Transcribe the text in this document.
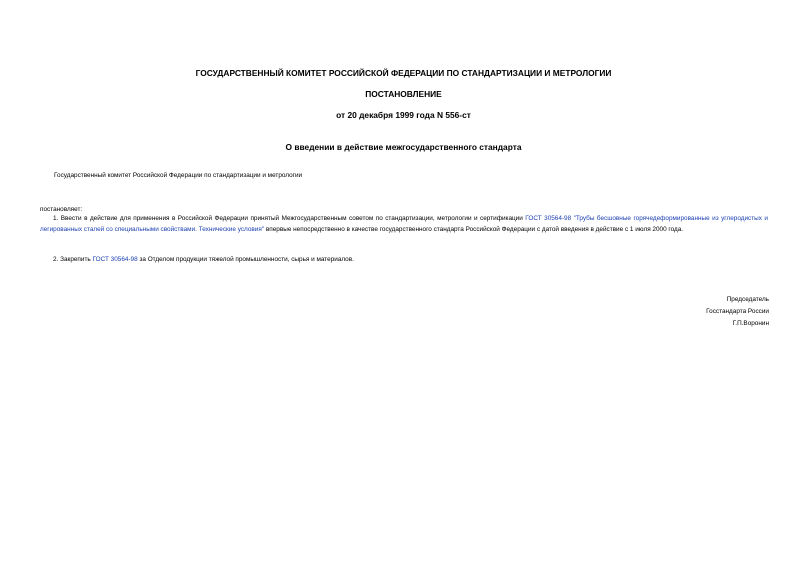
ГОСУДАРСТВЕННЫЙ КОМИТЕТ РОССИЙСКОЙ ФЕДЕРАЦИИ ПО СТАНДАРТИЗАЦИИ И МЕТРОЛОГИИ
ПОСТАНОВЛЕНИЕ
от 20 декабря 1999 года N 556-ст
О введении в действие межгосударственного стандарта
Государственный комитет Российской Федерации по стандартизации и метрологии
постановляет:
1. Ввести в действие для применения в Российской Федерации принятый Межгосударственным советом по стандартизации, метрологии и сертификации ГОСТ 30564-98 "Трубы бесшовные горячедеформированные из углеродистых и легированных сталей со специальными свойствами. Технические условия" впервые непосредственно в качестве государственного стандарта Российской Федерации с датой введения в действие с 1 июля 2000 года.
2. Закрепить ГОСТ 30564-98 за Отделом продукции тяжелой промышленности, сырья и материалов.
Председатель
Госстандарта России
Г.П.Воронин
